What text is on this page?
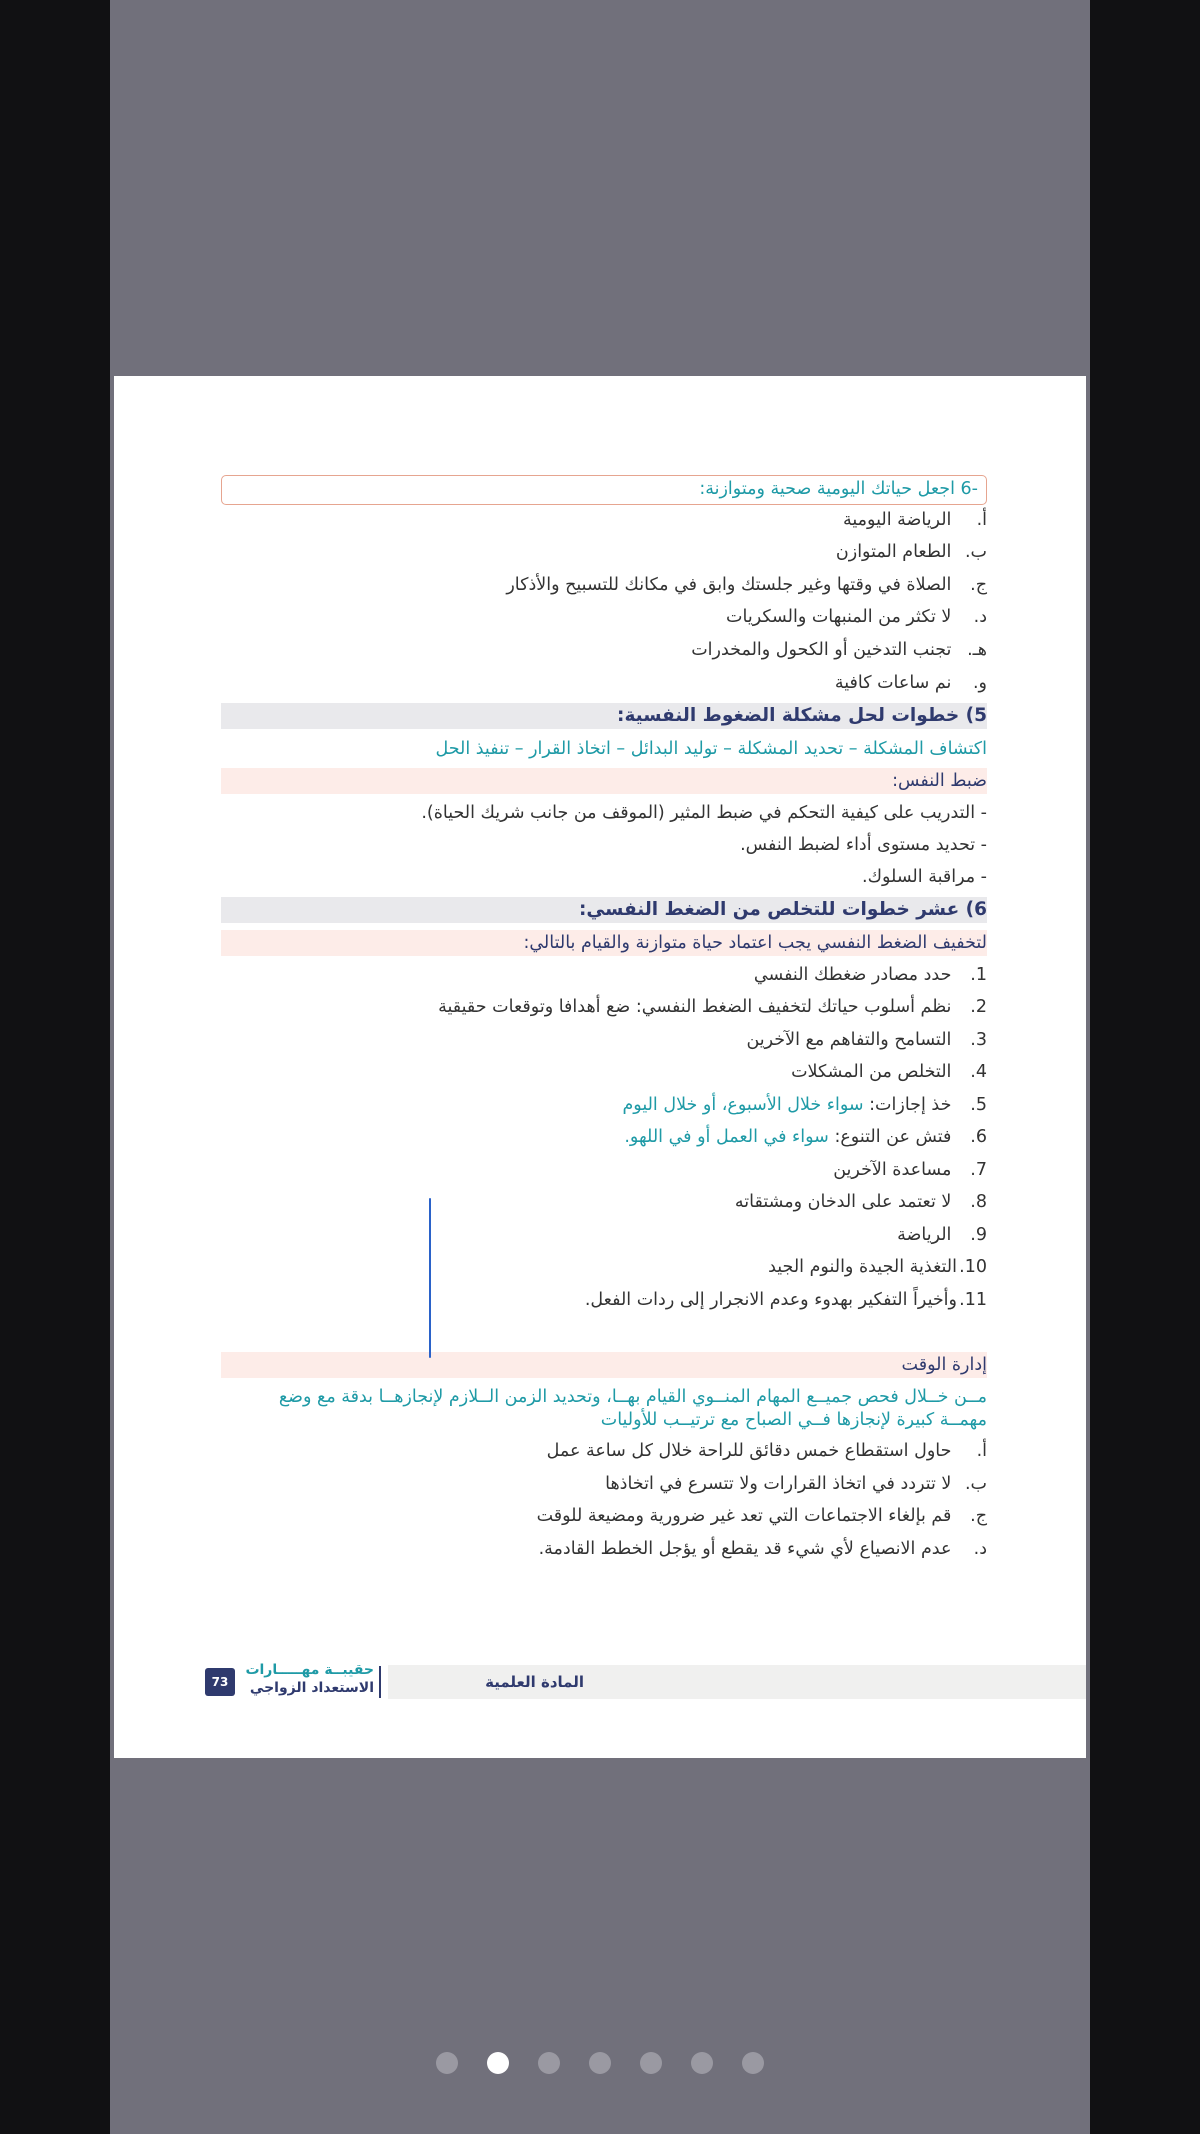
-6 اجعل حياتك اليومية صحية ومتوازنة:
أ. الرياضة اليومية
ب. الطعام المتوازن
ج. الصلاة في وقتها وغير جلستك وابق في مكانك للتسبيح والأذكار
د. لا تكثر من المنبهات والسكريات
هـ. تجنب التدخين أو الكحول والمخدرات
و. نم ساعات كافية
5) خطوات لحل مشكلة الضغوط النفسية:
اكتشاف المشكلة – تحديد المشكلة – توليد البدائل – اتخاذ القرار – تنفيذ الحل
ضبط النفس:
- التدريب على كيفية التحكم في ضبط المثير (الموقف من جانب شريك الحياة).
- تحديد مستوى أداء لضبط النفس.
- مراقبة السلوك.
6) عشر خطوات للتخلص من الضغط النفسي:
لتخفيف الضغط النفسي يجب اعتماد حياة متوازنة والقيام بالتالي:
1. حدد مصادر ضغطك النفسي
2. نظم أسلوب حياتك لتخفيف الضغط النفسي: ضع أهدافا وتوقعات حقيقية
3. التسامح والتفاهم مع الآخرين
4. التخلص من المشكلات
5. خذ إجازات: سواء خلال الأسبوع، أو خلال اليوم
6. فتش عن التنوع: سواء في العمل أو في اللهو.
7. مساعدة الآخرين
8. لا تعتمد على الدخان ومشتقاته
9. الرياضة
10.التغذية الجيدة والنوم الجيد
11.وأخيراً التفكير بهدوء وعدم الانجرار إلى ردات الفعل.
إدارة الوقت
مــن خــلال فحص جميــع المهام المنــوي القيام بهــا، وتحديد الزمن الــلازم لإنجازهــا بدقة مع وضع
مهمــة كبيرة لإنجازها فــي الصباح مع ترتيــب للأوليات
أ. حاول استقطاع خمس دقائق للراحة خلال كل ساعة عمل
ب. لا تتردد في اتخاذ القرارات ولا تتسرع في اتخاذها
ج. قم بإلغاء الاجتماعات التي تعد غير ضرورية ومضيعة للوقت
د. عدم الانصياع لأي شيء قد يقطع أو يؤجل الخطط القادمة.
المادة العلمية
حقيبــة مهـــــارات
الاستعداد الزواجي
73
